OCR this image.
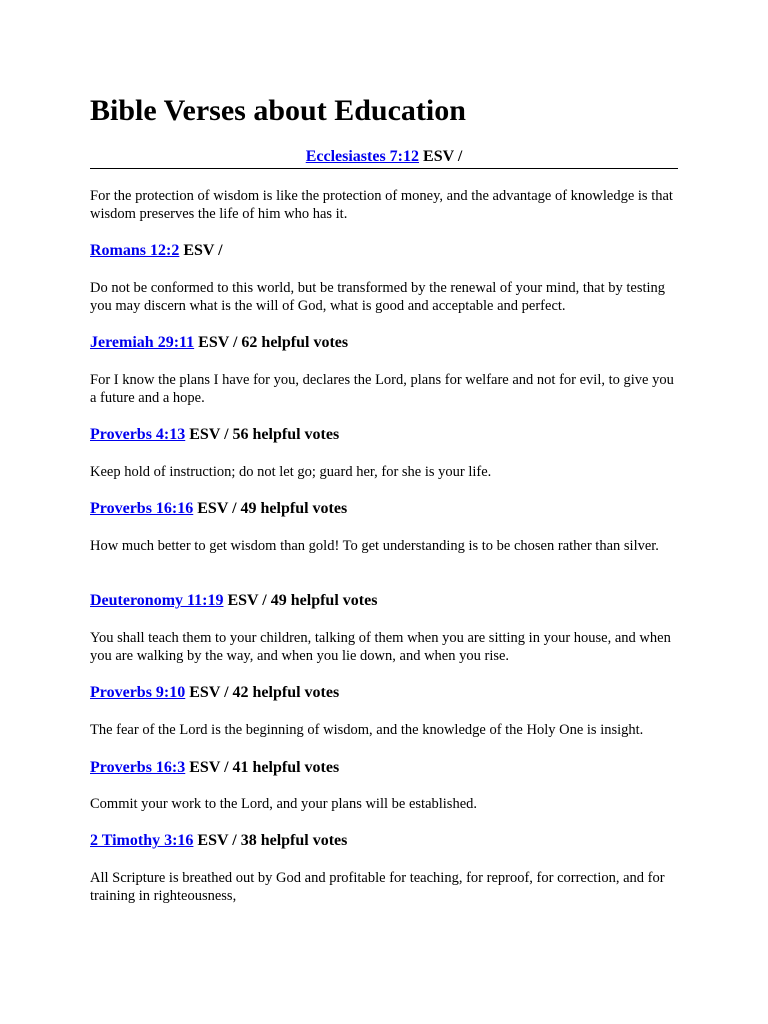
Bible Verses about Education
Ecclesiastes 7:12 ESV /

For the protection of wisdom is like the protection of money, and the advantage of knowledge is that wisdom preserves the life of him who has it.

Romans 12:2 ESV /

Do not be conformed to this world, but be transformed by the renewal of your mind, that by testing you may discern what is the will of God, what is good and acceptable and perfect.

Jeremiah 29:11 ESV / 62 helpful votes

For I know the plans I have for you, declares the Lord, plans for welfare and not for evil, to give you a future and a hope.

Proverbs 4:13 ESV / 56 helpful votes

Keep hold of instruction; do not let go; guard her, for she is your life.

Proverbs 16:16 ESV / 49 helpful votes

How much better to get wisdom than gold! To get understanding is to be chosen rather than silver.

Deuteronomy 11:19 ESV / 49 helpful votes

You shall teach them to your children, talking of them when you are sitting in your house, and when you are walking by the way, and when you lie down, and when you rise.

Proverbs 9:10 ESV / 42 helpful votes

The fear of the Lord is the beginning of wisdom, and the knowledge of the Holy One is insight.

Proverbs 16:3 ESV / 41 helpful votes

Commit your work to the Lord, and your plans will be established.

2 Timothy 3:16 ESV / 38 helpful votes

All Scripture is breathed out by God and profitable for teaching, for reproof, for correction, and for training in righteousness,
